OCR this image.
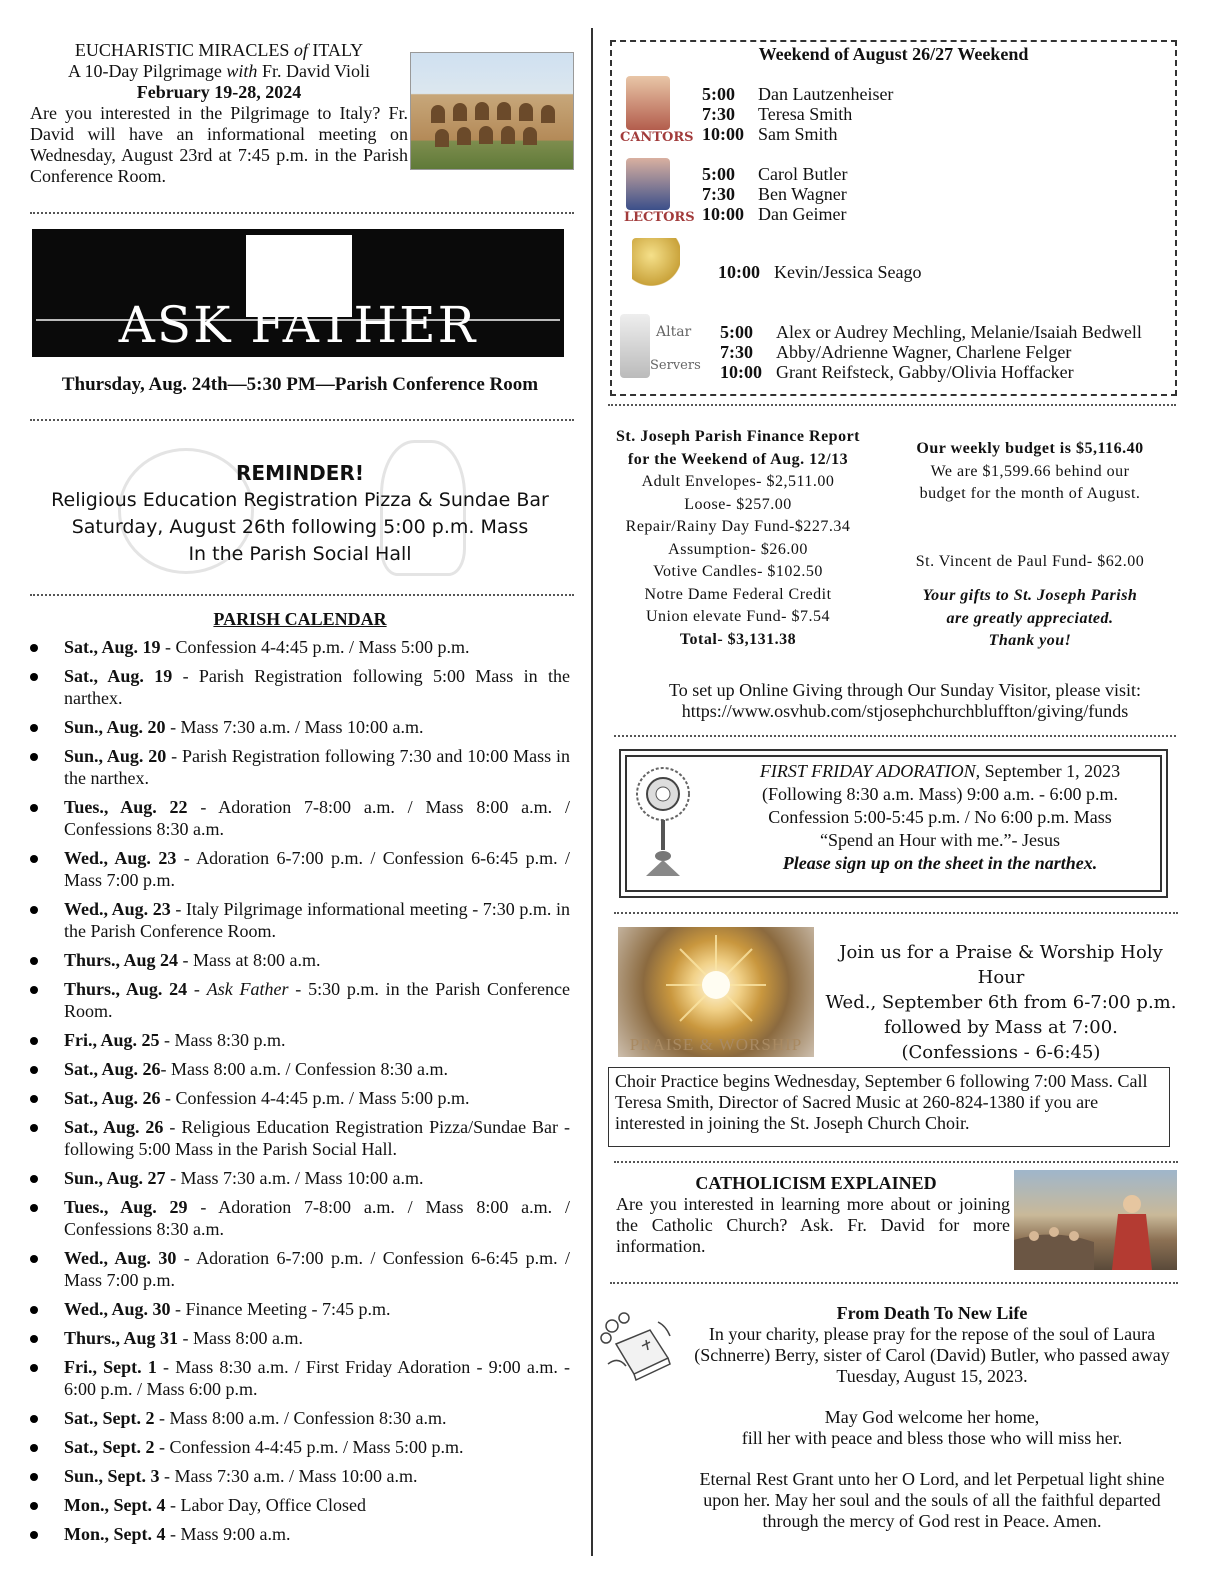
EUCHARISTIC MIRACLES of ITALY
A 10-Day Pilgrimage with Fr. David Violi
February 19-28, 2024

Are you interested in the Pilgrimage to Italy? Fr. David will have an informational meeting on Wednesday, August 23rd at 7:45 p.m. in the Parish Conference Room.

ASK FATHER
Thursday, Aug. 24th—5:30 PM—Parish Conference Room
REMINDER!
Religious Education Registration Pizza & Sundae Bar
Saturday, August 26th following 5:00 p.m. Mass
In the Parish Social Hall
PARISH CALENDAR
Sat., Aug. 19 - Confession 4-4:45 p.m. / Mass 5:00 p.m.
Sat., Aug. 19 - Parish Registration following 5:00 Mass in the narthex.
Sun., Aug. 20 - Mass 7:30 a.m. / Mass 10:00 a.m.
Sun., Aug. 20 - Parish Registration following 7:30 and 10:00 Mass in the narthex.
Tues., Aug. 22 - Adoration 7-8:00 a.m. / Mass 8:00 a.m. / Confessions 8:30 a.m.
Wed., Aug. 23 - Adoration 6-7:00 p.m. / Confession 6-6:45 p.m. / Mass 7:00 p.m.
Wed., Aug. 23 - Italy Pilgrimage informational meeting - 7:30 p.m. in the Parish Conference Room.
Thurs., Aug 24 - Mass at 8:00 a.m.
Thurs., Aug. 24 - Ask Father - 5:30 p.m. in the Parish Conference Room.
Fri., Aug. 25 - Mass 8:30 p.m.
Sat., Aug. 26- Mass 8:00 a.m. / Confession 8:30 a.m.
Sat., Aug. 26 - Confession 4-4:45 p.m. / Mass 5:00 p.m.
Sat., Aug. 26 - Religious Education Registration Pizza/Sundae Bar - following 5:00 Mass in the Parish Social Hall.
Sun., Aug. 27 - Mass 7:30 a.m. / Mass 10:00 a.m.
Tues., Aug. 29 - Adoration 7-8:00 a.m. / Mass 8:00 a.m. / Confessions 8:30 a.m.
Wed., Aug. 30 - Adoration 6-7:00 p.m. / Confession 6-6:45 p.m. / Mass 7:00 p.m.
Wed., Aug. 30 - Finance Meeting - 7:45 p.m.
Thurs., Aug 31 - Mass 8:00 a.m.
Fri., Sept. 1 - Mass 8:30 a.m. / First Friday Adoration - 9:00 a.m. - 6:00 p.m. / Mass 6:00 p.m.
Sat., Sept. 2 - Mass 8:00 a.m. / Confession 8:30 a.m.
Sat., Sept. 2 - Confession 4-4:45 p.m. / Mass 5:00 p.m.
Sun., Sept. 3 - Mass 7:30 a.m. / Mass 10:00 a.m.
Mon., Sept. 4 - Labor Day, Office Closed
Mon., Sept. 4 - Mass 9:00 a.m.
Weekend of August 26/27 Weekend
CANTORS
5:00 Dan Lautzenheiser
7:30 Teresa Smith
10:00 Sam Smith
LECTORS
5:00 Carol Butler
7:30 Ben Wagner
10:00 Dan Geimer
10:00 Kevin/Jessica Seago
Altar
Servers
5:00 Alex or Audrey Mechling, Melanie/Isaiah Bedwell
7:30 Abby/Adrienne Wagner, Charlene Felger
10:00 Grant Reifsteck, Gabby/Olivia Hoffacker
St. Joseph Parish Finance Report
for the Weekend of Aug. 12/13
Adult Envelopes- $2,511.00
Loose- $257.00
Repair/Rainy Day Fund-$227.34
Assumption- $26.00
Votive Candles- $102.50
Notre Dame Federal Credit
Union elevate Fund- $7.54
Total- $3,131.38
Our weekly budget is $5,116.40
We are $1,599.66 behind our
budget for the month of August.
St. Vincent de Paul Fund- $62.00
Your gifts to St. Joseph Parish
are greatly appreciated.
Thank you!
To set up Online Giving through Our Sunday Visitor, please visit:
https://www.osvhub.com/stjosephchurchbluffton/giving/funds
FIRST FRIDAY ADORATION, September 1, 2023
(Following 8:30 a.m. Mass) 9:00 a.m. - 6:00 p.m.
Confession 5:00-5:45 p.m. / No 6:00 p.m. Mass
“Spend an Hour with me.”- Jesus
Please sign up on the sheet in the narthex.
PRAISE & WORSHIP
Join us for a Praise & Worship Holy Hour
Wed., September 6th from 6-7:00 p.m.
followed by Mass at 7:00.
(Confessions - 6-6:45)
Choir Practice begins Wednesday, September 6 following 7:00 Mass. Call Teresa Smith, Director of Sacred Music at 260-824-1380 if you are interested in joining the St. Joseph Church Choir.
CATHOLICISM EXPLAINED
Are you interested in learning more about or joining the Catholic Church? Ask. Fr. David for more information.
From Death To New Life
In your charity, please pray for the repose of the soul of Laura (Schnerre) Berry, sister of Carol (David) Butler, who passed away Tuesday, August 15, 2023.
May God welcome her home,
fill her with peace and bless those who will miss her.
Eternal Rest Grant unto her O Lord, and let Perpetual light shine upon her. May her soul and the souls of all the faithful departed through the mercy of God rest in Peace. Amen.
